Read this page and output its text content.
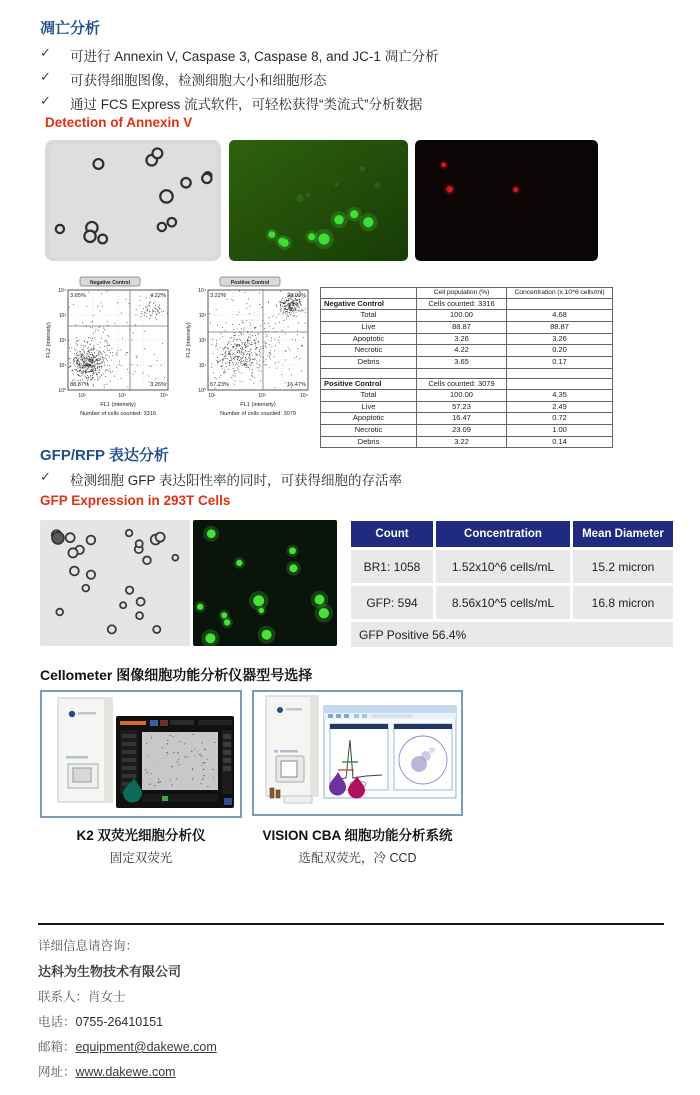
凋亡分析
✓	可进行 Annexin V, Caspase 3, Caspase 8, and JC-1 凋亡分析
✓	可获得细胞图像，检测细胞大小和细胞形态
✓	通过 FCS Express 流式软件，可轻松获得“类流式”分析数据
Detection of Annexin V
Negative Control
3.65%	4.22%
88.87%	3.26%
10⁴
10³
10²
10¹
10⁰
10²	10³	10⁴
FL2 (intensity)
FL1 (intensity)
Number of cells counted: 3316
Positive Control
3.22%	23.09%
57.23%	16.47%
10⁴
10³
10²
10¹
10⁰
10¹	10³	10⁴
FL2 (intensity)
FL1 (intensity)
Number of cells counted: 3079
	Cell population (%)	Concentration (x 10^6 cells/ml)
Negative Control	Cells counted: 3316	
Total	100.00	4.68
Live	88.87	88.87
Apoptotic	3.26	3.26
Necrotic	4.22	0.20
Debris	3.65	0.17

Positive Control	Cells counted: 3079	
Total	100.00	4.35
Live	57.23	2.49
Apoptotic	16.47	0.72
Necrotic	23.09	1.00
Debris	3.22	0.14
GFP/RFP 表达分析
✓	检测细胞 GFP 表达阳性率的同时，可获得细胞的存活率
GFP Expression in 293T Cells
Count	Concentration	Mean Diameter
BR1: 1058	1.52x10^6 cells/mL	15.2 micron
GFP: 594	8.56x10^5 cells/mL	16.8 micron
GFP Positive 56.4%		
Cellometer 图像细胞功能分析仪器型号选择
K2 双荧光细胞分析仪	VISION CBA 细胞功能分析系统
固定双荧光	选配双荧光，冷 CCD
详细信息请咨询：
达科为生物技术有限公司
联系人：肖女士
电话：0755-26410151
邮箱：equipment@dakewe.com
网址：www.dakewe.com
